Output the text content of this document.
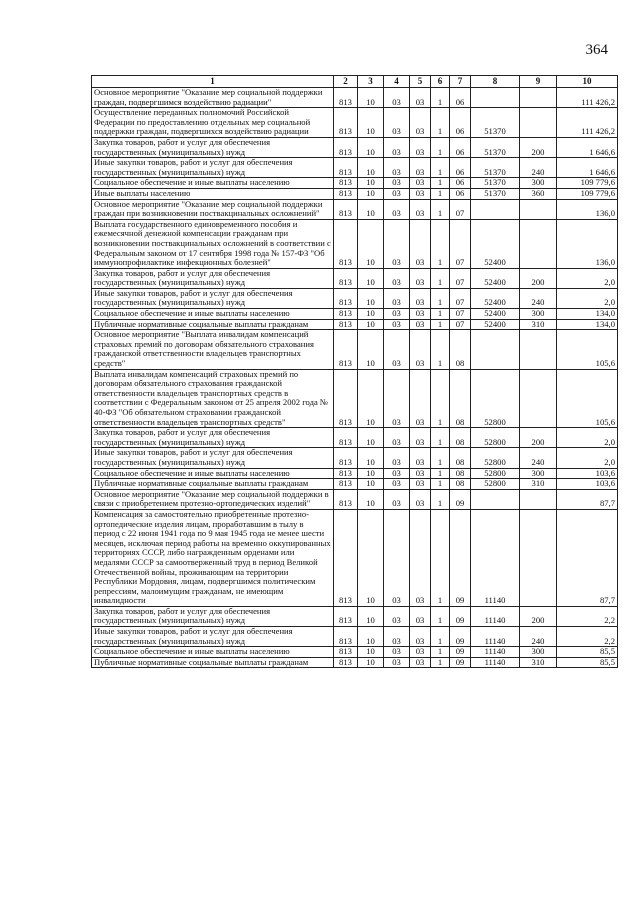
364
1	2	3	4	5	6	7	8	9	10
Основное мероприятие "Оказание мер социальной поддержки граждан, подвергшимся воздействию радиации"	813	10	03	03	1	06			111 426,2
Осуществление переданных полномочий Российской Федерации по предоставлению отдельных мер социальной поддержки граждан, подвергшихся воздействию радиации	813	10	03	03	1	06	51370		111 426,2
Закупка товаров, работ и услуг для обеспечения государственных (муниципальных) нужд	813	10	03	03	1	06	51370	200	1 646,6
Иные закупки товаров, работ и услуг для обеспечения государственных (муниципальных) нужд	813	10	03	03	1	06	51370	240	1 646,6
Социальное обеспечение и иные выплаты населению	813	10	03	03	1	06	51370	300	109 779,6
Иные выплаты населению	813	10	03	03	1	06	51370	360	109 779,6
Основное мероприятие "Оказание мер социальной поддержки граждан при возникновении поствакцинальных осложнений"	813	10	03	03	1	07			136,0
Выплата государственного единовременного пособия и ежемесячной денежной компенсации гражданам при возникновении поствакцинальных осложнений в соответствии с Федеральным законом от 17 сентября 1998 года № 157-ФЗ "Об иммунопрофилактике инфекционных болезней"	813	10	03	03	1	07	52400		136,0
Закупка товаров, работ и услуг для обеспечения государственных (муниципальных) нужд	813	10	03	03	1	07	52400	200	2,0
Иные закупки товаров, работ и услуг для обеспечения государственных (муниципальных) нужд	813	10	03	03	1	07	52400	240	2,0
Социальное обеспечение и иные выплаты населению	813	10	03	03	1	07	52400	300	134,0
Публичные нормативные социальные выплаты гражданам	813	10	03	03	1	07	52400	310	134,0
Основное мероприятие "Выплата инвалидам компенсаций страховых премий по договорам обязательного страхования гражданской ответственности владельцев транспортных средств"	813	10	03	03	1	08			105,6
Выплата инвалидам компенсаций страховых премий по договорам обязательного страхования гражданской ответственности владельцев транспортных средств в соответствии с Федеральным законом от 25 апреля 2002 года № 40-ФЗ "Об обязательном страховании гражданской ответственности владельцев транспортных средств"	813	10	03	03	1	08	52800		105,6
Закупка товаров, работ и услуг для обеспечения государственных (муниципальных) нужд	813	10	03	03	1	08	52800	200	2,0
Иные закупки товаров, работ и услуг для обеспечения государственных (муниципальных) нужд	813	10	03	03	1	08	52800	240	2,0
Социальное обеспечение и иные выплаты населению	813	10	03	03	1	08	52800	300	103,6
Публичные нормативные социальные выплаты гражданам	813	10	03	03	1	08	52800	310	103,6
Основное мероприятие "Оказание мер социальной поддержки в связи с приобретением протезно-ортопедических изделий"	813	10	03	03	1	09			87,7
Компенсация за самостоятельно приобретенные протезно-ортопедические изделия лицам, проработавшим в тылу в период с 22 июня 1941 года по 9 мая 1945 года не менее шести месяцев, исключая период работы на временно оккупированных территориях СССР, либо награжденным орденами или медалями СССР за самоотверженный труд в период Великой Отечественной войны, проживающим на территории Республики Мордовия, лицам, подвергшимся политическим репрессиям, малоимущим гражданам, не имеющим инвалидности	813	10	03	03	1	09	11140		87,7
Закупка товаров, работ и услуг для обеспечения государственных (муниципальных) нужд	813	10	03	03	1	09	11140	200	2,2
Иные закупки товаров, работ и услуг для обеспечения государственных (муниципальных) нужд	813	10	03	03	1	09	11140	240	2,2
Социальное обеспечение и иные выплаты населению	813	10	03	03	1	09	11140	300	85,5
Публичные нормативные социальные выплаты гражданам	813	10	03	03	1	09	11140	310	85,5
